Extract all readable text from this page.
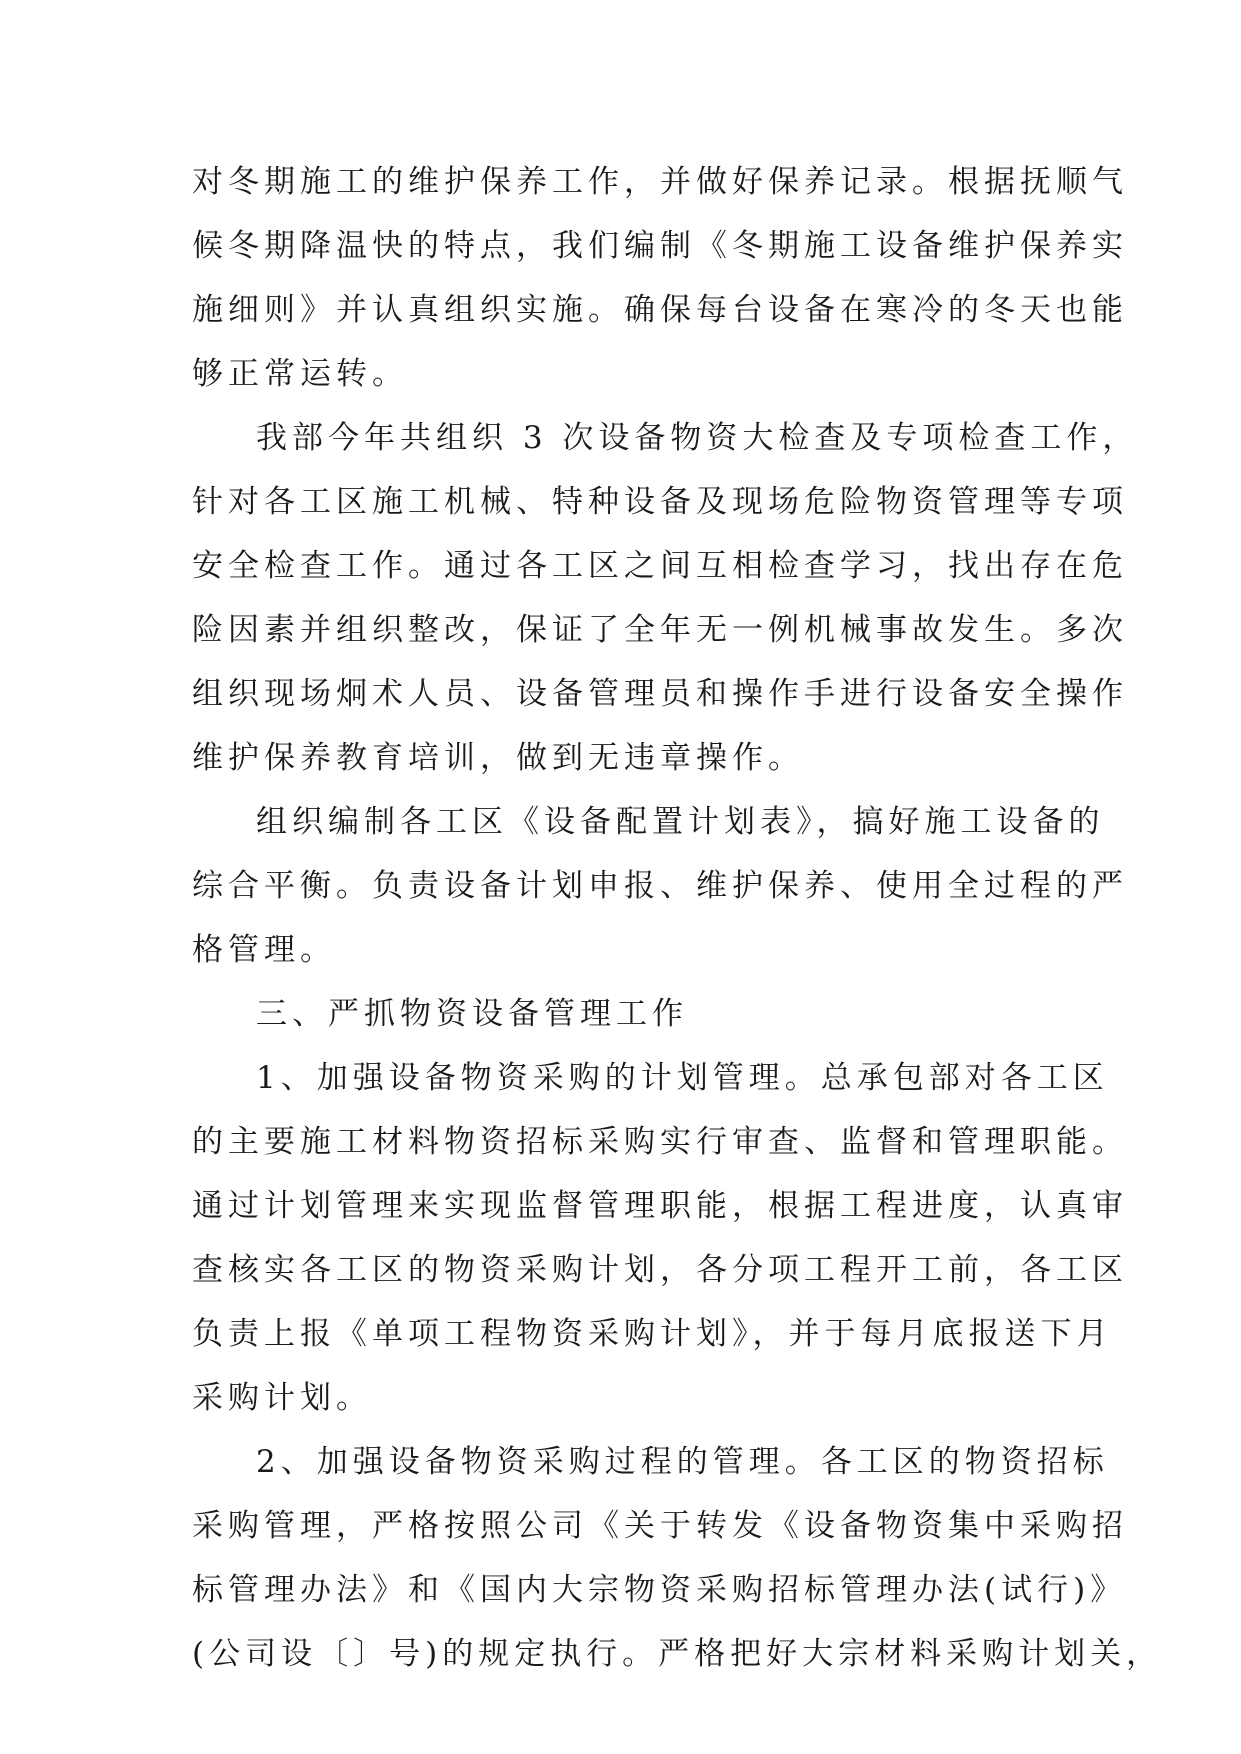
对冬期施工的维护保养工作，并做好保养记录。根据抚顺气
候冬期降温快的特点，我们编制《冬期施工设备维护保养实
施细则》并认真组织实施。确保每台设备在寒冷的冬天也能
够正常运转。
我部今年共组织 3 次设备物资大检查及专项检查工作，
针对各工区施工机械、特种设备及现场危险物资管理等专项
安全检查工作。通过各工区之间互相检查学习，找出存在危
险因素并组织整改，保证了全年无一例机械事故发生。多次
组织现场炯术人员、设备管理员和操作手进行设备安全操作
维护保养教育培训，做到无违章操作。
组织编制各工区《设备配置计划表》，搞好施工设备的
综合平衡。负责设备计划申报、维护保养、使用全过程的严
格管理。
三、严抓物资设备管理工作
1、加强设备物资采购的计划管理。总承包部对各工区
的主要施工材料物资招标采购实行审查、监督和管理职能。
通过计划管理来实现监督管理职能，根据工程进度，认真审
查核实各工区的物资采购计划，各分项工程开工前，各工区
负责上报《单项工程物资采购计划》，并于每月底报送下月
采购计划。
2、加强设备物资采购过程的管理。各工区的物资招标
采购管理，严格按照公司《关于转发《设备物资集中采购招
标管理办法》和《国内大宗物资采购招标管理办法(试行)》
(公司设〔〕号)的规定执行。严格把好大宗材料采购计划关，
